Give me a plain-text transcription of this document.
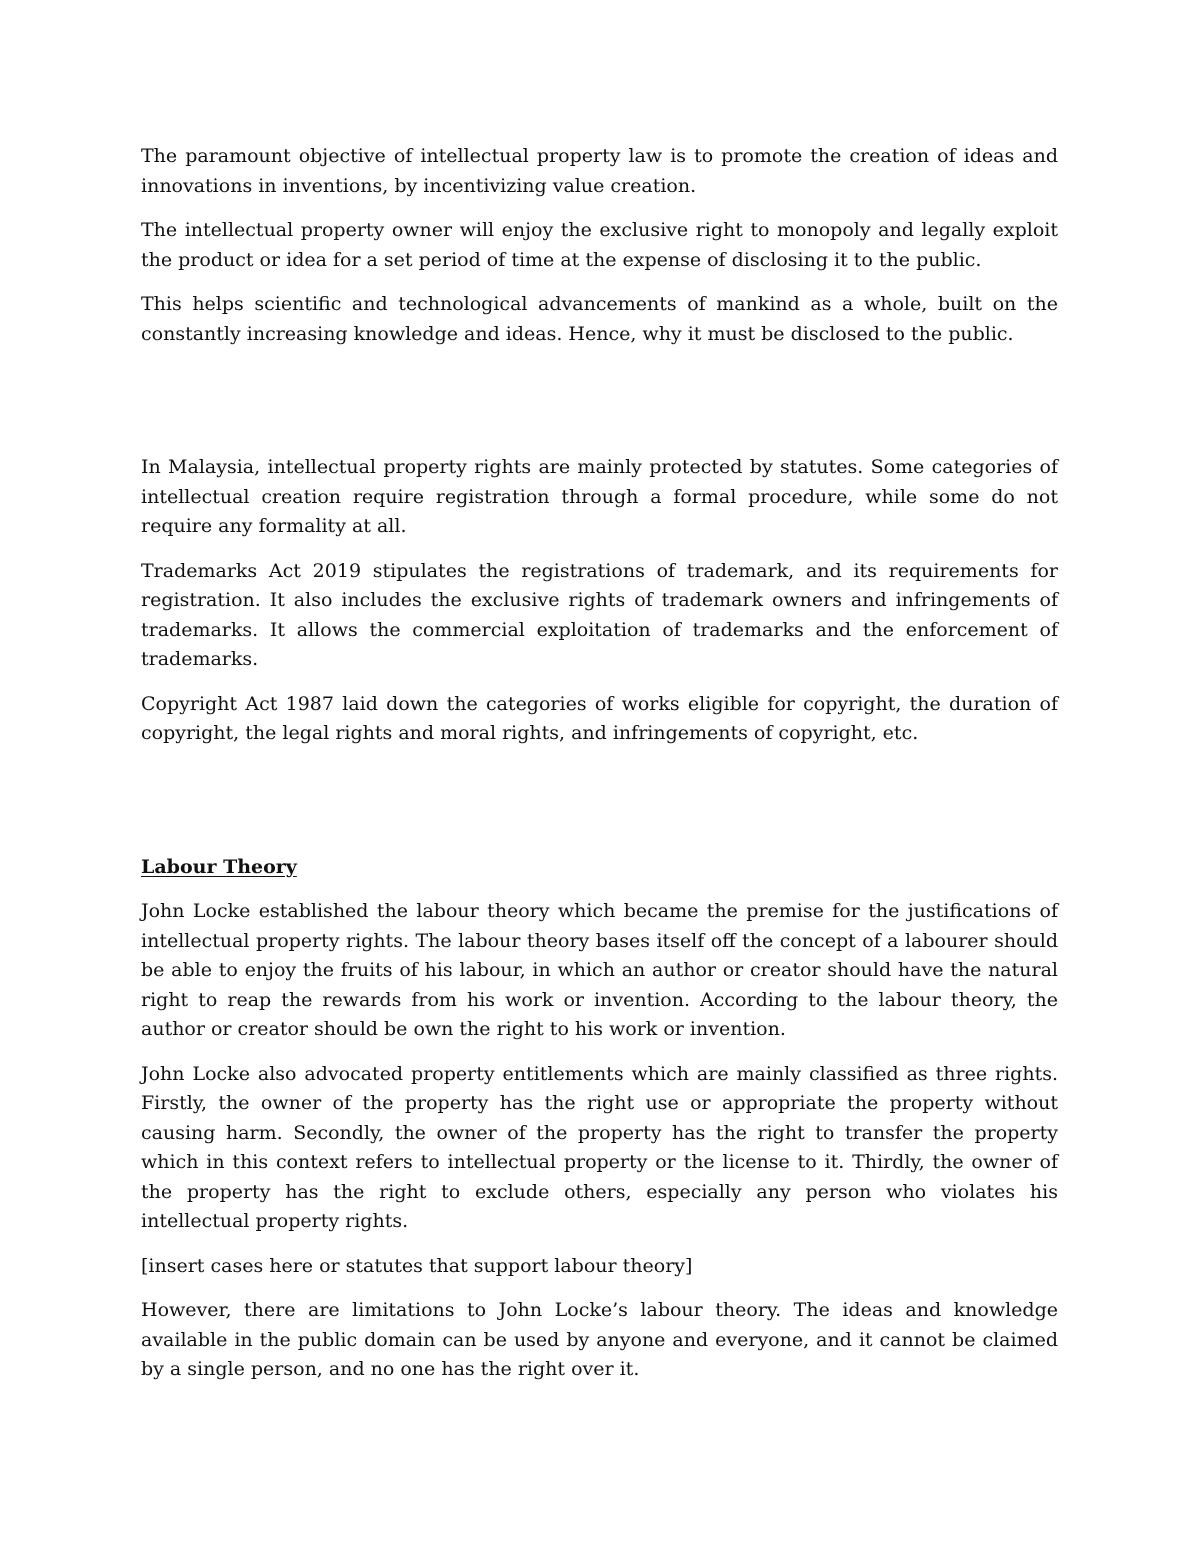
The paramount objective of intellectual property law is to promote the creation of ideas and innovations in inventions, by incentivizing value creation.

The intellectual property owner will enjoy the exclusive right to monopoly and legally exploit the product or idea for a set period of time at the expense of disclosing it to the public.

This helps scientific and technological advancements of mankind as a whole, built on the constantly increasing knowledge and ideas. Hence, why it must be disclosed to the public.

In Malaysia, intellectual property rights are mainly protected by statutes. Some categories of intellectual creation require registration through a formal procedure, while some do not require any formality at all.

Trademarks Act 2019 stipulates the registrations of trademark, and its requirements for registration. It also includes the exclusive rights of trademark owners and infringements of trademarks. It allows the commercial exploitation of trademarks and the enforcement of trademarks.

Copyright Act 1987 laid down the categories of works eligible for copyright, the duration of copyright, the legal rights and moral rights, and infringements of copyright, etc.

Labour Theory

John Locke established the labour theory which became the premise for the justifications of intellectual property rights. The labour theory bases itself off the concept of a labourer should be able to enjoy the fruits of his labour, in which an author or creator should have the natural right to reap the rewards from his work or invention. According to the labour theory, the author or creator should be own the right to his work or invention.

John Locke also advocated property entitlements which are mainly classified as three rights. Firstly, the owner of the property has the right use or appropriate the property without causing harm. Secondly, the owner of the property has the right to transfer the property which in this context refers to intellectual property or the license to it. Thirdly, the owner of the property has the right to exclude others, especially any person who violates his intellectual property rights.

[insert cases here or statutes that support labour theory]

However, there are limitations to John Locke’s labour theory. The ideas and knowledge available in the public domain can be used by anyone and everyone, and it cannot be claimed by a single person, and no one has the right over it.
